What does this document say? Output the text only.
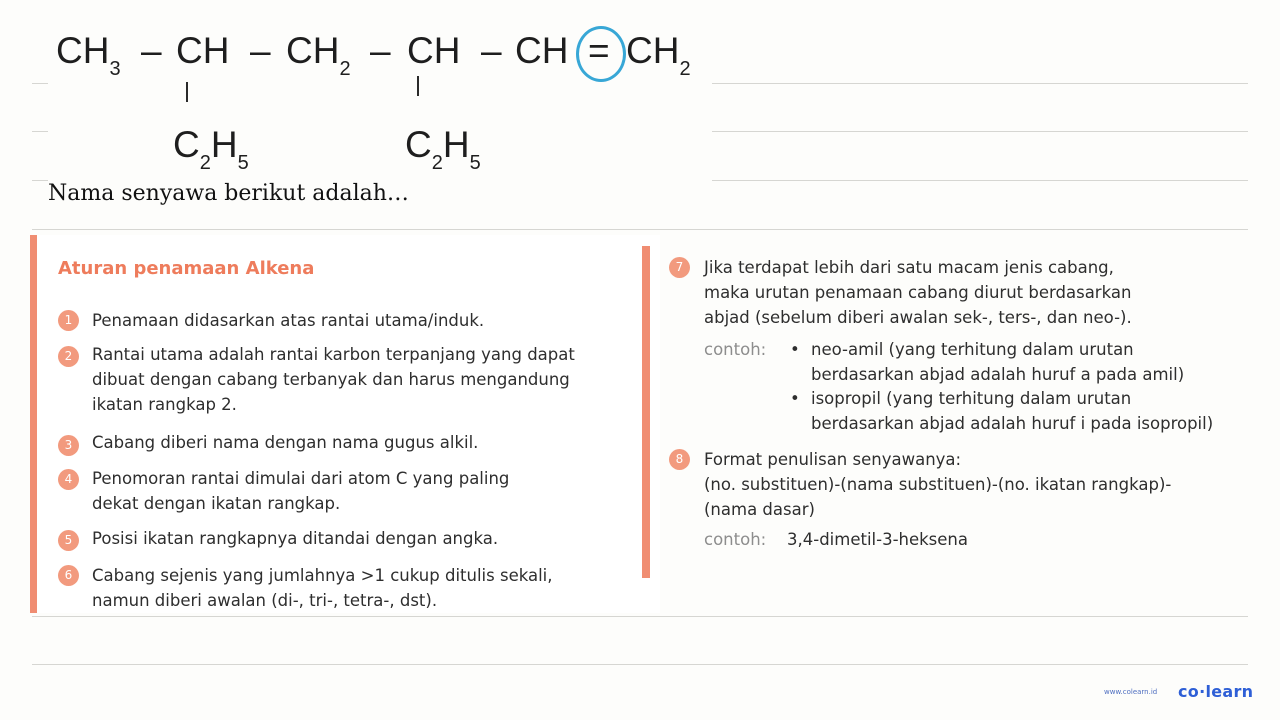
$CH_3$ – CH – $CH_2$ – CH – CH = $CH_2$
$C_2H_5$	$C_2H_5$
Nama senyawa berikut adalah…
Aturan penamaan Alkena
1	Penamaan didasarkan atas rantai utama/induk.
2	Rantai utama adalah rantai karbon terpanjang yang dapat
dibuat dengan cabang terbanyak dan harus mengandung
ikatan rangkap 2.
3	Cabang diberi nama dengan nama gugus alkil.
4	Penomoran rantai dimulai dari atom C yang paling
dekat dengan ikatan rangkap.
5	Posisi ikatan rangkapnya ditandai dengan angka.
6	Cabang sejenis yang jumlahnya >1 cukup ditulis sekali,
namun diberi awalan (di-, tri-, tetra-, dst).
7	Jika terdapat lebih dari satu macam jenis cabang,
maka urutan penamaan cabang diurut berdasarkan
abjad (sebelum diberi awalan sek-, ters-, dan neo-).
contoh: • neo-amil (yang terhitung dalam urutan
berdasarkan abjad adalah huruf a pada amil)
• isopropil (yang terhitung dalam urutan
berdasarkan abjad adalah huruf i pada isopropil)
8	Format penulisan senyawanya:
(no. substituen)-(nama substituen)-(no. ikatan rangkap)-
(nama dasar)
contoh: 3,4-dimetil-3-heksena
www.colearn.id co·learn
